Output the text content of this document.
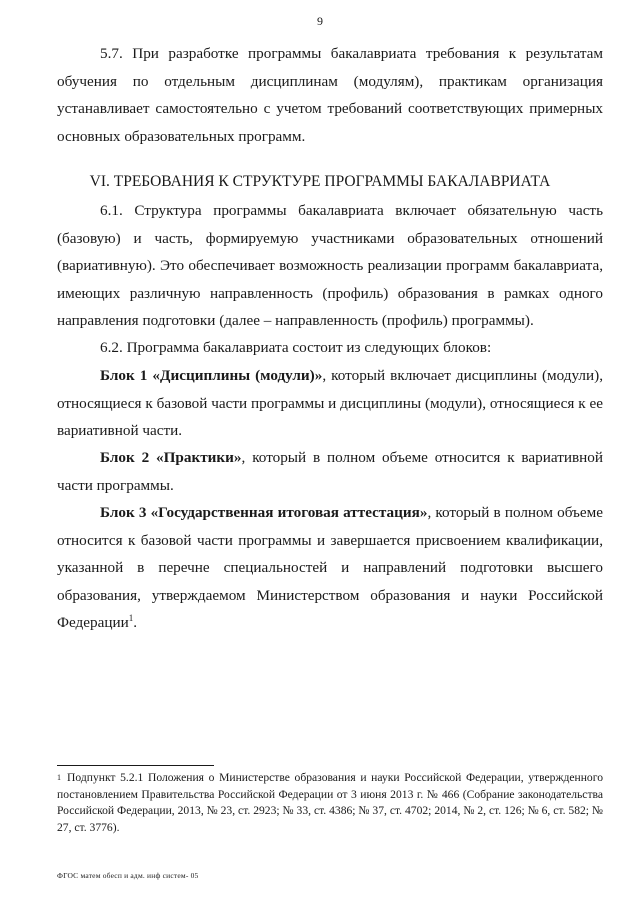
9

5.7. При разработке программы бакалавриата требования к результатам обучения по отдельным дисциплинам (модулям), практикам организация устанавливает самостоятельно с учетом требований соответствующих примерных основных образовательных программ.

VI. ТРЕБОВАНИЯ К СТРУКТУРЕ ПРОГРАММЫ БАКАЛАВРИАТА

6.1. Структура программы бакалавриата включает обязательную часть (базовую) и часть, формируемую участниками образовательных отношений (вариативную). Это обеспечивает возможность реализации программ бакалавриата, имеющих различную направленность (профиль) образования в рамках одного направления подготовки (далее – направленность (профиль) программы).

6.2. Программа бакалавриата состоит из следующих блоков:

Блок 1 «Дисциплины (модули)», который включает дисциплины (модули), относящиеся к базовой части программы и дисциплины (модули), относящиеся к ее вариативной части.

Блок 2 «Практики», который в полном объеме относится к вариативной части программы.

Блок 3 «Государственная итоговая аттестация», который в полном объеме относится к базовой части программы и завершается присвоением квалификации, указанной в перечне специальностей и направлений подготовки высшего образования, утверждаемом Министерством образования и науки Российской Федерации$^1$.

$^1$ Подпункт 5.2.1 Положения о Министерстве образования и науки Российской Федерации, утвержденного постановлением Правительства Российской Федерации от 3 июня 2013 г. № 466 (Собрание законодательства Российской Федерации, 2013, № 23, ст. 2923; № 33, ст. 4386; № 37, ст. 4702; 2014, № 2, ст. 126; № 6, ст. 582; № 27, ст. 3776).

ФГОС матем обесп и адм. инф систем- 05
